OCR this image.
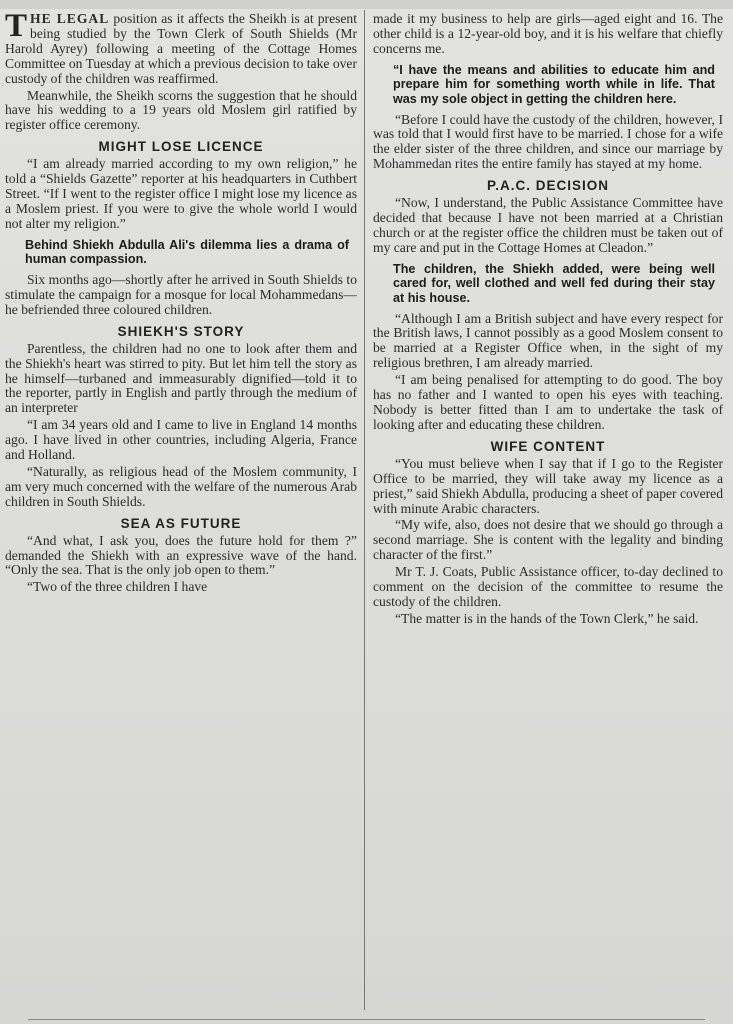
THE LEGAL position as it affects the Sheikh is at present being studied by the Town Clerk of South Shields (Mr Harold Ayrey) following a meeting of the Cottage Homes Committee on Tuesday at which a previous decision to take over custody of the children was reaffirmed.

Meanwhile, the Sheikh scorns the suggestion that he should have his wedding to a 19 years old Moslem girl ratified by register office ceremony.

MIGHT LOSE LICENCE

“I am already married according to my own religion,” he told a “Shields Gazette” reporter at his headquarters in Cuthbert Street. “If I went to the register office I might lose my licence as a Moslem priest. If you were to give the whole world I would not alter my religion.”

Behind Shiekh Abdulla Ali's dilemma lies a drama of human compassion.

Six months ago—shortly after he arrived in South Shields to stimulate the campaign for a mosque for local Mohammedans—he befriended three coloured children.

SHIEKH'S STORY

Parentless, the children had no one to look after them and the Shiekh's heart was stirred to pity. But let him tell the story as he himself—turbaned and immeasurably dignified—told it to the reporter, partly in English and partly through the medium of an interpreter

“I am 34 years old and I came to live in England 14 months ago. I have lived in other countries, including Algeria, France and Holland.

“Naturally, as religious head of the Moslem community, I am very much concerned with the welfare of the numerous Arab children in South Shields.

SEA AS FUTURE

“And what, I ask you, does the future hold for them ?” demanded the Shiekh with an expressive wave of the hand. “Only the sea. That is the only job open to them.”

“Two of the three children I have

made it my business to help are girls—aged eight and 16. The other child is a 12-year-old boy, and it is his welfare that chiefly concerns me.

“I have the means and abilities to educate him and prepare him for something worth while in life. That was my sole object in getting the children here.

“Before I could have the custody of the children, however, I was told that I would first have to be married. I chose for a wife the elder sister of the three children, and since our marriage by Mohammedan rites the entire family has stayed at my home.

P.A.C. DECISION

“Now, I understand, the Public Assistance Committee have decided that because I have not been married at a Christian church or at the register office the children must be taken out of my care and put in the Cottage Homes at Cleadon.”

The children, the Shiekh added, were being well cared for, well clothed and well fed during their stay at his house.

“Although I am a British subject and have every respect for the British laws, I cannot possibly as a good Moslem consent to be married at a Register Office when, in the sight of my religious brethren, I am already married.

“I am being penalised for attempting to do good. The boy has no father and I wanted to open his eyes with teaching. Nobody is better fitted than I am to undertake the task of looking after and educating these children.

WIFE CONTENT

“You must believe when I say that if I go to the Register Office to be married, they will take away my licence as a priest,” said Shiekh Abdulla, producing a sheet of paper covered with minute Arabic characters.

“My wife, also, does not desire that we should go through a second marriage. She is content with the legality and binding character of the first.”

Mr T. J. Coats, Public Assistance officer, to-day declined to comment on the decision of the committee to resume the custody of the children.

“The matter is in the hands of the Town Clerk,” he said.
